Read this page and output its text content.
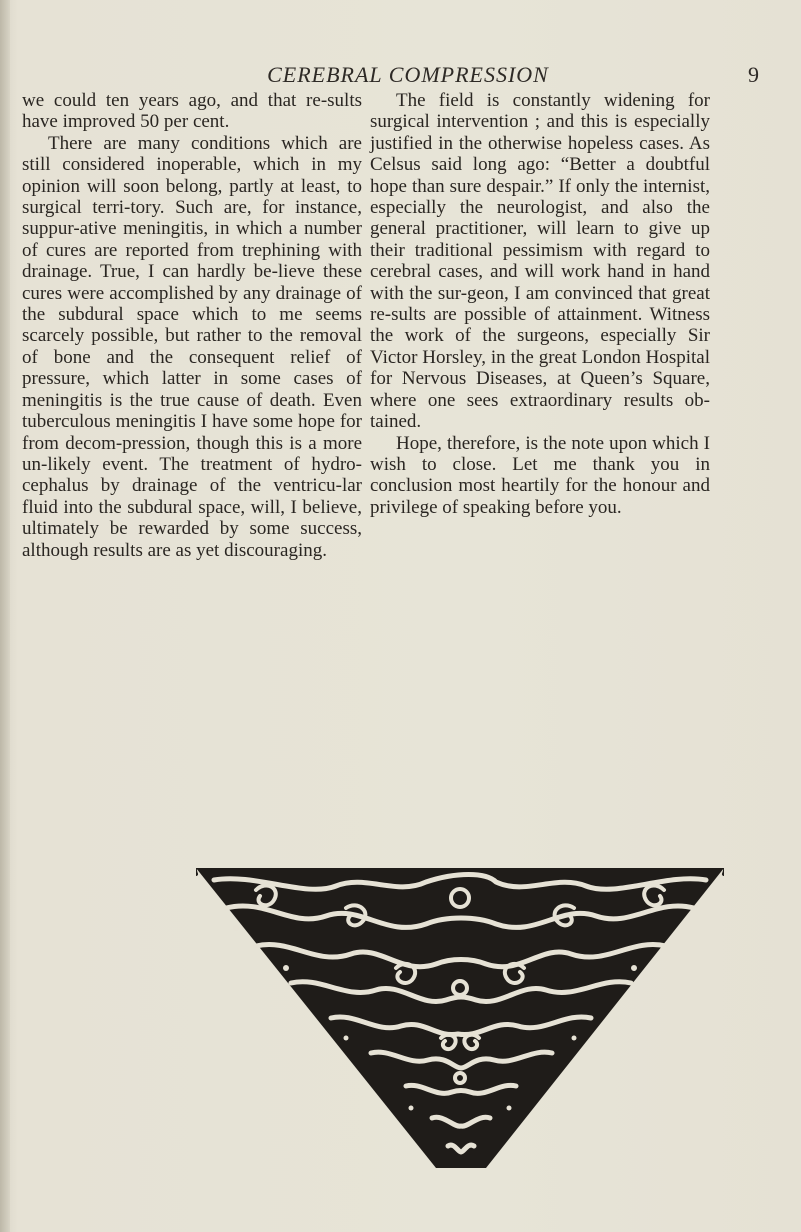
CEREBRAL COMPRESSION	9

we could ten years ago, and that re-sults have improved 50 per cent.

There are many conditions which are still considered inoperable, which in my opinion will soon belong, partly at least, to surgical terri-tory. Such are, for instance, suppur-ative meningitis, in which a number of cures are reported from trephining with drainage. True, I can hardly be-lieve these cures were accomplished by any drainage of the subdural space which to me seems scarcely possible, but rather to the removal of bone and the consequent relief of pressure, which latter in some cases of meningitis is the true cause of death. Even tuberculous meningitis I have some hope for from decom-pression, though this is a more un-likely event. The treatment of hydro-cephalus by drainage of the ventricu-lar fluid into the subdural space, will, I believe, ultimately be rewarded by some success, although results are as yet discouraging.

The field is constantly widening for surgical intervention ; and this is especially justified in the otherwise hopeless cases. As Celsus said long ago: “Better a doubtful hope than sure despair.” If only the internist, especially the neurologist, and also the general practitioner, will learn to give up their traditional pessimism with regard to cerebral cases, and will work hand in hand with the sur-geon, I am convinced that great re-sults are possible of attainment. Witness the work of the surgeons, especially Sir Victor Horsley, in the great London Hospital for Nervous Diseases, at Queen’s Square, where one sees extraordinary results ob-tained.

Hope, therefore, is the note upon which I wish to close. Let me thank you in conclusion most heartily for the honour and privilege of speaking before you.
